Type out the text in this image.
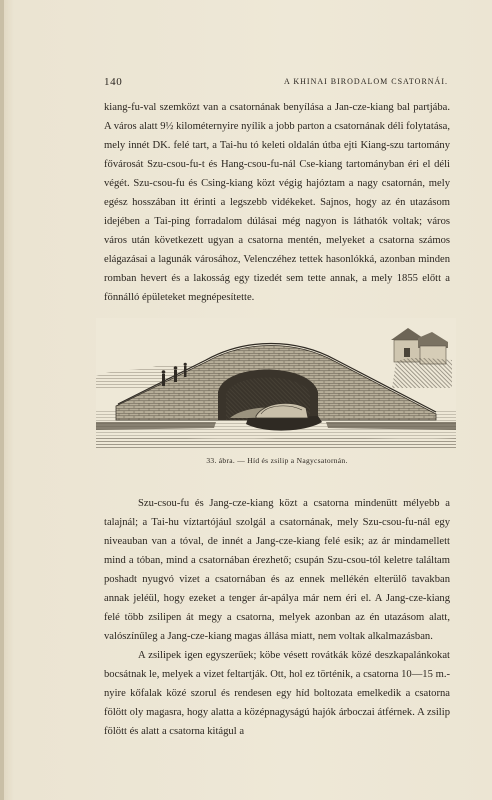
140	A KHINAI BIRODALOM CSATORNÁI.

kiang-fu-val szemközt van a csatornának benyílása a Jan-cze-kiang bal partjába. A város alatt 9½ kilométernyire nyílik a jobb parton a csatornának déli folytatása, mely innét DK. felé tart, a Tai-hu tó keleti oldalán útba ejti Kiang-szu tartomány fővárosát Szu-csou-fu-t és Hang-csou-fu-nál Cse-kiang tartományban éri el déli végét. Szu-csou-fu és Csing-kiang közt végig hajóztam a nagy csatornán, mely egész hosszában itt érinti a legszebb vidékeket. Sajnos, hogy az én utazásom idejében a Tai-ping forradalom dúlásai még nagyon is láthatók voltak; város város után következett ugyan a csatorna mentén, melyeket a csatorna számos elágazásai a lagunák városához, Velenczéhez tettek hasonlókká, azonban minden romban hevert és a lakosság egy tizedét sem tette annak, a mely 1855 előtt a fönnálló épületeket megnépesítette.

33. ábra. — Híd és zsilip a Nagycsatornán.

Szu-csou-fu és Jang-cze-kiang közt a csatorna mindenütt mélyebb a talajnál; a Tai-hu víztartójául szolgál a csatornának, mely Szu-csou-fu-nál egy niveauban van a tóval, de innét a Jang-cze-kiang felé esik; az ár mindamellett mind a tóban, mind a csatornában érezhető; csupán Szu-csou-tól keletre találtam poshadt nyugvó vizet a csatornában és az ennek mellékén elterülő tavakban annak jeléül, hogy ezeket a tenger ár-apálya már nem éri el. A Jang-cze-kiang felé több zsilipen át megy a csatorna, melyek azonban az én utazásom alatt, valószínűleg a Jang-cze-kiang magas állása miatt, nem voltak alkalmazásban.

A zsilipek igen egyszerűek; köbe vésett rovátkák közé deszkapalánkokat bocsátnak le, melyek a vizet feltartják. Ott, hol ez történik, a csatorna 10—15 m.-nyire kőfalak közé szorul és rendesen egy híd boltozata emelkedik a csatorna fölött oly magasra, hogy alatta a középnagyságú hajók árboczai átférnek. A zsilip fölött és alatt a csatorna kitágul a
